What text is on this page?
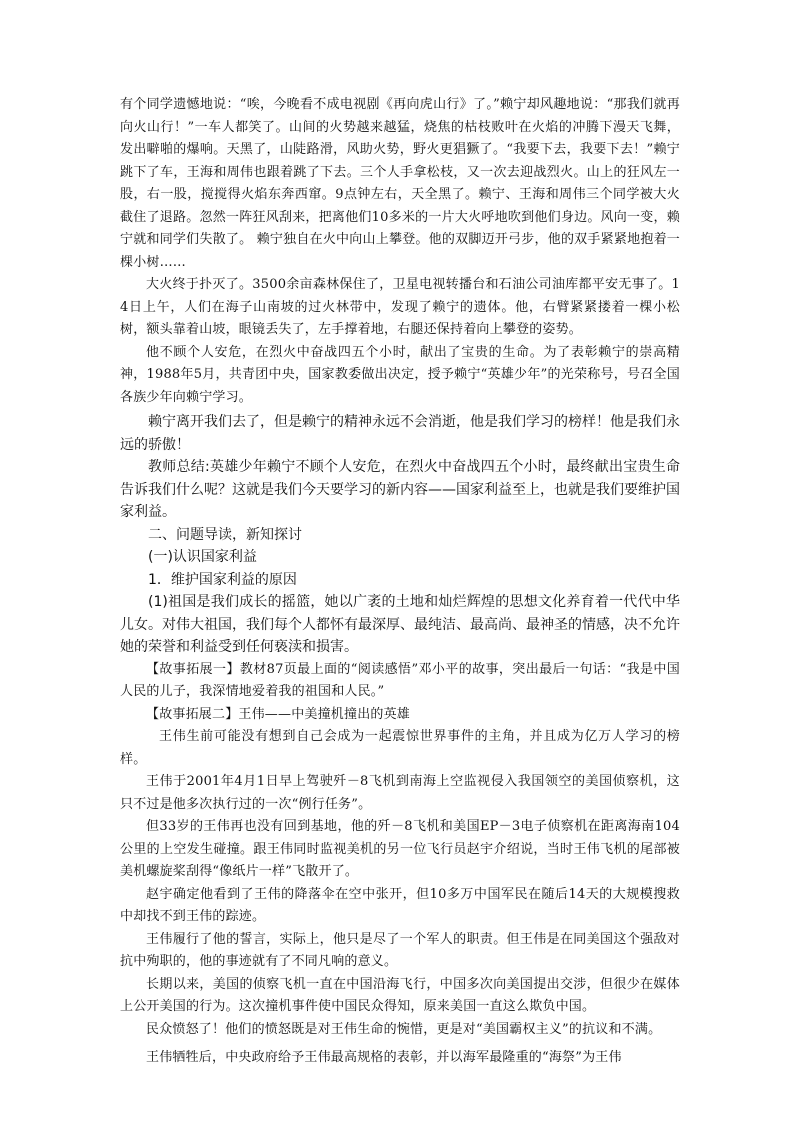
有个同学遗憾地说：“唉，今晚看不成电视剧《再向虎山行》了。”赖宁却风趣地说：“那我们就再向火山行！”一车人都笑了。山间的火势越来越猛，烧焦的枯枝败叶在火焰的冲腾下漫天飞舞，发出噼啪的爆响。天黑了，山陡路滑，风助火势，野火更猖獗了。“我要下去，我要下去！”赖宁跳下了车，王海和周伟也跟着跳了下去。三个人手拿松枝，又一次去迎战烈火。山上的狂风左一股，右一股，搅搅得火焰东奔西窜。9点钟左右，天全黑了。赖宁、王海和周伟三个同学被大火截住了退路。忽然一阵狂风刮来，把离他们10多米的一片大火呼地吹到他们身边。风向一变，赖宁就和同学们失散了。 赖宁独自在火中向山上攀登。他的双脚迈开弓步，他的双手紧紧地抱着一棵小树……

大火终于扑灭了。3500余亩森林保住了，卫星电视转播台和石油公司油库都平安无事了。14日上午，人们在海子山南坡的过火林带中，发现了赖宁的遗体。他，右臂紧紧搂着一棵小松树，额头靠着山坡，眼镜丢失了，左手撑着地，右腿还保持着向上攀登的姿势。

他不顾个人安危，在烈火中奋战四五个小时，献出了宝贵的生命。为了表彰赖宁的崇高精神，1988年5月，共青团中央，国家教委做出决定，授予赖宁“英雄少年”的光荣称号，号召全国各族少年向赖宁学习。

赖宁离开我们去了，但是赖宁的精神永远不会消逝，他是我们学习的榜样！他是我们永远的骄傲！

教师总结:英雄少年赖宁不顾个人安危，在烈火中奋战四五个小时，最终献出宝贵生命告诉我们什么呢？这就是我们今天要学习的新内容——国家利益至上，也就是我们要维护国家利益。

二、问题导读，新知探讨

(一)认识国家利益

1．维护国家利益的原因

(1)祖国是我们成长的摇篮，她以广袤的土地和灿烂辉煌的思想文化养育着一代代中华儿女。对伟大祖国，我们每个人都怀有最深厚、最纯洁、最高尚、最神圣的情感，决不允许她的荣誉和利益受到任何亵渎和损害。

【故事拓展一】教材87页最上面的“阅读感悟”邓小平的故事，突出最后一句话：“我是中国人民的儿子，我深情地爱着我的祖国和人民。”

【故事拓展二】王伟——中美撞机撞出的英雄

王伟生前可能没有想到自己会成为一起震惊世界事件的主角，并且成为亿万人学习的榜样。

王伟于2001年4月1日早上驾驶歼－8飞机到南海上空监视侵入我国领空的美国侦察机，这只不过是他多次执行过的一次“例行任务”。

但33岁的王伟再也没有回到基地，他的歼－8飞机和美国EP－3电子侦察机在距离海南104公里的上空发生碰撞。跟王伟同时监视美机的另一位飞行员赵宇介绍说，当时王伟飞机的尾部被美机螺旋桨刮得“像纸片一样”飞散开了。

赵宇确定他看到了王伟的降落伞在空中张开，但10多万中国军民在随后14天的大规模搜救中却找不到王伟的踪迹。

王伟履行了他的誓言，实际上，他只是尽了一个军人的职责。但王伟是在同美国这个强敌对抗中殉职的，他的事迹就有了不同凡响的意义。

长期以来，美国的侦察飞机一直在中国沿海飞行，中国多次向美国提出交涉，但很少在媒体上公开美国的行为。这次撞机事件使中国民众得知，原来美国一直这么欺负中国。

民众愤怒了！他们的愤怒既是对王伟生命的惋惜，更是对“美国霸权主义”的抗议和不满。

王伟牺牲后，中央政府给予王伟最高规格的表彰，并以海军最隆重的“海祭”为王伟
